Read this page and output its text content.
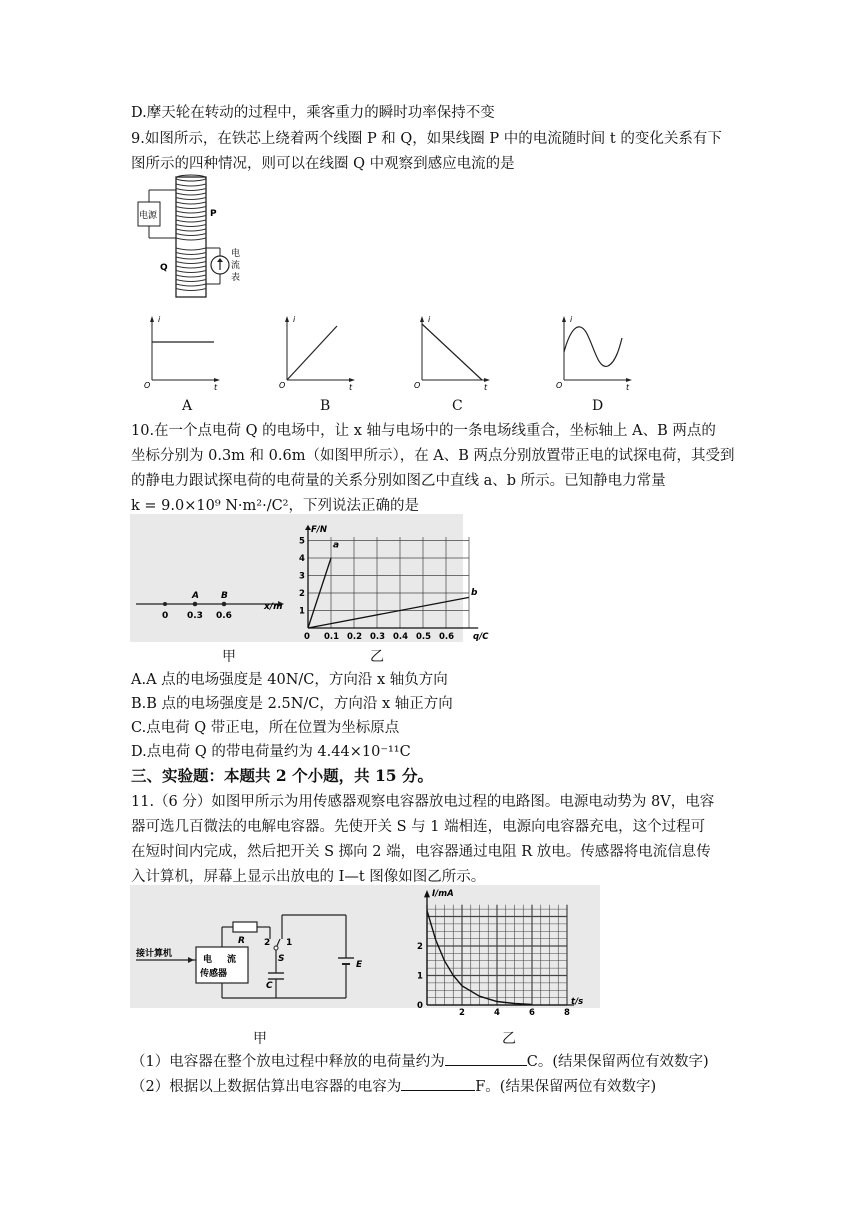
D.摩天轮在转动的过程中，乘客重力的瞬时功率保持不变
9.如图所示，在铁芯上绕着两个线圈 P 和 Q，如果线圈 P 中的电流随时间 t 的变化关系有下
图所示的四种情况，则可以在线圈 Q 中观察到感应电流的是
电源	P
Q
电
流
表
i
O	t
i
O	t
i
O	t
i
O	t
A	B	C	D
10.在一个点电荷 Q 的电场中，让 x 轴与电场中的一条电场线重合，坐标轴上 A、B 两点的
坐标分别为 0.3m 和 0.6m（如图甲所示），在 A、B 两点分别放置带正电的试探电荷，其受到
的静电力跟试探电荷的电荷量的关系分别如图乙中直线 a、b 所示。已知静电力常量
k = 9.0×10⁹ N·m²·/C²，下列说法正确的是
A B
0 0.3 0.6
x/m
a
b
1
2
3
4
5
0 0.1 0.2 0.3 0.4 0.5 0.6
F/N
q/C
甲	乙
A.A 点的电场强度是 40N/C，方向沿 x 轴负方向
B.B 点的电场强度是 2.5N/C，方向沿 x 轴正方向
C.点电荷 Q 带正电，所在位置为坐标原点
D.点电荷 Q 的带电荷量约为 4.44×10⁻¹¹C
三、实验题：本题共 2 个小题，共 15 分。
11.（6 分）如图甲所示为用传感器观察电容器放电过程的电路图。电源电动势为 8V，电容
器可选几百微法的电解电容器。先使开关 S 与 1 端相连，电源向电容器充电，这个过程可
在短时间内完成，然后把开关 S 掷向 2 端，电容器通过电阻 R 放电。传感器将电流信息传
入计算机，屏幕上显示出放电的 I—t 图像如图乙所示。
接计算机
电 流
传感器
R 2 1
S
C
E
0
1
2
2	4	6	8
I/mA
t/s
甲	乙
（1）电容器在整个放电过程中释放的电荷量约为	C。(结果保留两位有效数字)
（2）根据以上数据估算出电容器的电容为	F。(结果保留两位有效数字)
